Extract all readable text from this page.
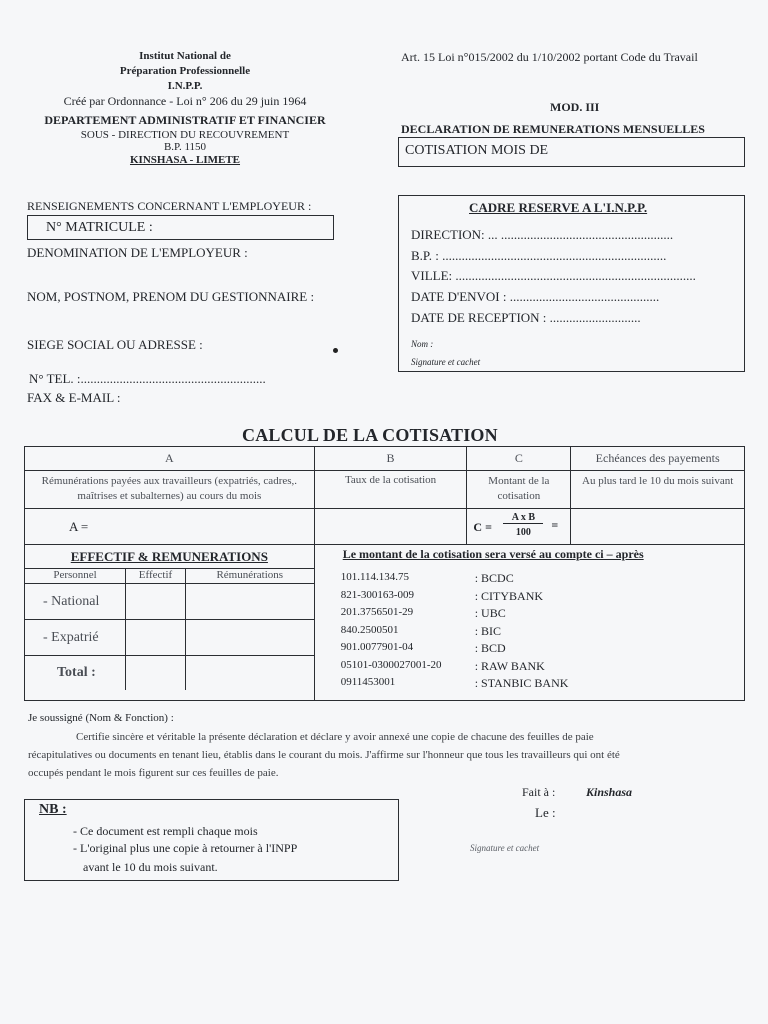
Institut National de
Préparation Professionnelle
I.N.P.P.
Créé par Ordonnance - Loi n° 206 du 29 juin 1964
DEPARTEMENT ADMINISTRATIF ET FINANCIER
SOUS - DIRECTION DU RECOUVREMENT
B.P. 1150
KINSHASA - LIMETE
Art. 15 Loi n°015/2002 du 1/10/2002 portant Code du Travail
MOD. III
DECLARATION DE REMUNERATIONS MENSUELLES
COTISATION MOIS DE
RENSEIGNEMENTS CONCERNANT L'EMPLOYEUR :
N° MATRICULE :
DENOMINATION DE L'EMPLOYEUR :
NOM, POSTNOM, PRENOM DU GESTIONNAIRE :
SIEGE SOCIAL OU ADRESSE :
N° TEL. :.........................................................
FAX & E-MAIL :
CADRE RESERVE A L'I.N.P.P.
DIRECTION: ... .....................................................
B.P. : .....................................................................
VILLE: ..........................................................................
DATE D'ENVOI : ..............................................
DATE DE RECEPTION : ............................
Nom :
Signature et cachet
CALCUL DE LA COTISATION
A	B	C	Echéances des payements
Rémunérations payées aux travailleurs (expatriés, cadres,. maîtrises et subalternes) au cours du mois	Taux de la cotisation	Montant de la cotisation	Au plus tard le 10 du mois suivant
A =		C =
A x B
100
=

EFFECTIF & REMUNERATIONS
Personnel	Effectif	Rémunérations
- National		
- Expatrié		
Total :		

Le montant de la cotisation sera versé au compte ci – après
101.114.134.75	: BCDC
821-300163-009	: CITYBANK
201.3756501-29	: UBC
840.2500501	: BIC
901.0077901-04	: BCD
05101-0300027001-20	: RAW BANK
0911453001	: STANBIC BANK
Je soussigné (Nom & Fonction) :
Certifie sincère et véritable la présente déclaration et déclare y avoir annexé une copie de chacune des feuilles de paie
récapitulatives ou documents en tenant lieu, établis dans le courant du mois. J'affirme sur l'honneur que tous les travailleurs qui ont été
occupés pendant le mois figurent sur ces feuilles de paie.
Fait à :	Kinshasa
Le :
Signature et cachet
NB :
- Ce document est rempli chaque mois
- L'original plus une copie à retourner à l'INPP
avant le 10 du mois suivant.
